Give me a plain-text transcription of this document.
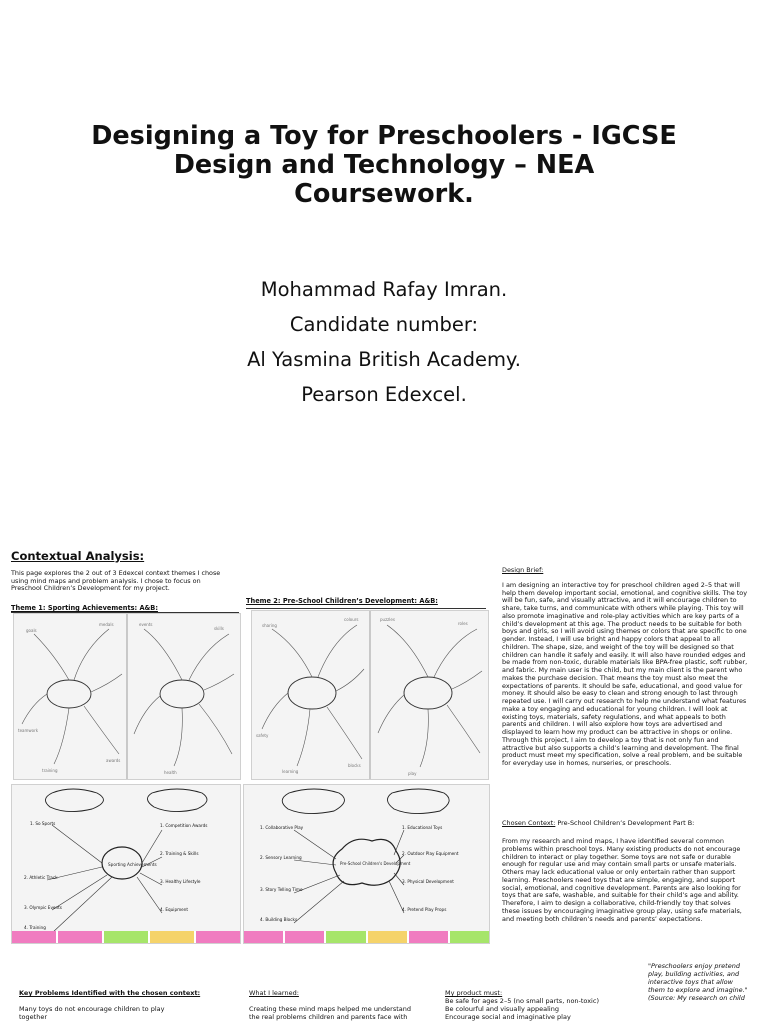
Designing a Toy for Preschoolers - IGCSE Design and Technology – NEA Coursework.
Mohammad Rafay Imran.
Candidate number:
Al Yasmina British Academy.
Pearson Edexcel.
Contextual Analysis:
This page explores the 2 out of 3 Edexcel context themes I chose using mind maps and problem analysis. I chose to focus on Preschool Children’s Development for my project.
Theme 1: Sporting Achievements: A&B:
Theme 2: Pre-School Children’s Development: A&B:
goals
medals
teamwork
training
awards
events
skills
health
sharing
colours
safety
learning
blocks
puzzles
roles
play
Sporting Achievements
1. So Sports
2. Athletic Track
3. Olympic Events
4. Training
1. Competition Awards
2. Training & Skills
3. Healthy Lifestyle
4. Equipment
Pre-School Children's Development
1. Collaborative Play
2. Sensory Learning
3. Story Telling Time
4. Building Blocks
1. Educational Toys
2. Outdoor Play Equipment
3. Physical Development
4. Pretend Play Props
Design Brief:
I am designing an interactive toy for preschool children aged 2–5 that will help them develop important social, emotional, and cognitive skills. The toy will be fun, safe, and visually attractive, and it will encourage children to share, take turns, and communicate with others while playing. This toy will also promote imaginative and role-play activities which are key parts of a child’s development at this age. The product needs to be suitable for both boys and girls, so I will avoid using themes or colors that are specific to one gender. Instead, I will use bright and happy colors that appeal to all children. The shape, size, and weight of the toy will be designed so that children can handle it safely and easily. It will also have rounded edges and be made from non-toxic, durable materials like BPA-free plastic, soft rubber, and fabric. My main user is the child, but my main client is the parent who makes the purchase decision. That means the toy must also meet the expectations of parents. It should be safe, educational, and good value for money. It should also be easy to clean and strong enough to last through repeated use. I will carry out research to help me understand what features make a toy engaging and educational for young children. I will look at existing toys, materials, safety regulations, and what appeals to both parents and children. I will also explore how toys are advertised and displayed to learn how my product can be attractive in shops or online. Through this project, I aim to develop a toy that is not only fun and attractive but also supports a child’s learning and development. The final product must meet my specification, solve a real problem, and be suitable for everyday use in homes, nurseries, or preschools.
Chosen Context: Pre-School Children’s Development Part B:
From my research and mind maps, I have identified several common problems within preschool toys. Many existing products do not encourage children to interact or play together. Some toys are not safe or durable enough for regular use and may contain small parts or unsafe materials. Others may lack educational value or only entertain rather than support learning. Preschoolers need toys that are simple, engaging, and support social, emotional, and cognitive development. Parents are also looking for toys that are safe, washable, and suitable for their child’s age and ability. Therefore, I aim to design a collaborative, child-friendly toy that solves these issues by encouraging imaginative group play, using safe materials, and meeting both children’s needs and parents’ expectations.
"Preschoolers enjoy pretend play, building activities, and interactive toys that allow them to explore and imagine." (Source: My research on child
Key Problems Identified with the chosen context:
Many toys do not encourage children to play
together
What I learned:
Creating these mind maps helped me understand
the real problems children and parents face with
My product must:
Be safe for ages 2–5 (no small parts, non-toxic)
Be colourful and visually appealing
Encourage social and imaginative play
